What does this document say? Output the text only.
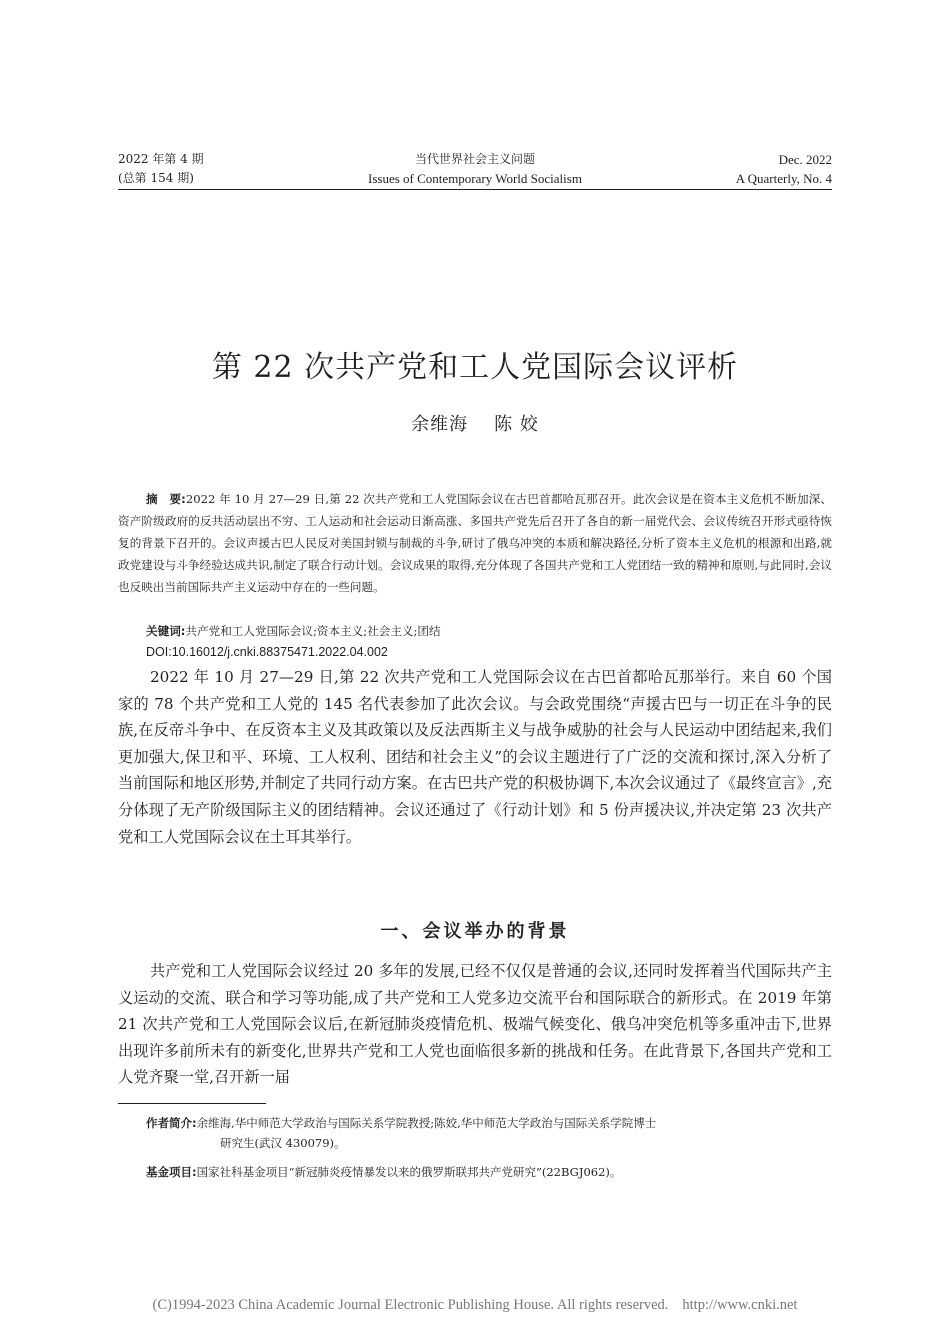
2022 年第 4 期
(总第 154 期)
当代世界社会主义问题
Issues of Contemporary World Socialism
Dec. 2022
A Quarterly, No. 4
第 22 次共产党和工人党国际会议评析
余维海 陈 姣
摘　要:2022 年 10 月 27—29 日,第 22 次共产党和工人党国际会议在古巴首都哈瓦那召开。此次会议是在资本主义危机不断加深、资产阶级政府的反共活动层出不穷、工人运动和社会运动日渐高涨、多国共产党先后召开了各自的新一届党代会、会议传统召开形式亟待恢复的背景下召开的。会议声援古巴人民反对美国封锁与制裁的斗争,研讨了俄乌冲突的本质和解决路径,分析了资本主义危机的根源和出路,就政党建设与斗争经验达成共识,制定了联合行动计划。会议成果的取得,充分体现了各国共产党和工人党团结一致的精神和原则,与此同时,会议也反映出当前国际共产主义运动中存在的一些问题。
关键词:共产党和工人党国际会议;资本主义;社会主义;团结
DOI:10.16012/j.cnki.88375471.2022.04.002

2022 年 10 月 27—29 日,第 22 次共产党和工人党国际会议在古巴首都哈瓦那举行。来自 60 个国家的 78 个共产党和工人党的 145 名代表参加了此次会议。与会政党围绕“声援古巴与一切正在斗争的民族,在反帝斗争中、在反资本主义及其政策以及反法西斯主义与战争威胁的社会与人民运动中团结起来,我们更加强大,保卫和平、环境、工人权利、团结和社会主义”的会议主题进行了广泛的交流和探讨,深入分析了当前国际和地区形势,并制定了共同行动方案。在古巴共产党的积极协调下,本次会议通过了《最终宣言》,充分体现了无产阶级国际主义的团结精神。会议还通过了《行动计划》和 5 份声援决议,并决定第 23 次共产党和工人党国际会议在土耳其举行。

一、会议举办的背景

共产党和工人党国际会议经过 20 多年的发展,已经不仅仅是普通的会议,还同时发挥着当代国际共产主义运动的交流、联合和学习等功能,成了共产党和工人党多边交流平台和国际联合的新形式。在 2019 年第 21 次共产党和工人党国际会议后,在新冠肺炎疫情危机、极端气候变化、俄乌冲突危机等多重冲击下,世界出现许多前所未有的新变化,世界共产党和工人党也面临很多新的挑战和任务。在此背景下,各国共产党和工人党齐聚一堂,召开新一届

作者简介:余维海,华中师范大学政治与国际关系学院教授;陈姣,华中师范大学政治与国际关系学院博士
研究生(武汉 430079)。
基金项目:国家社科基金项目“新冠肺炎疫情暴发以来的俄罗斯联邦共产党研究”(22BGJ062)。
(C)1994-2023 China Academic Journal Electronic Publishing House. All rights reserved. http://www.cnki.net
